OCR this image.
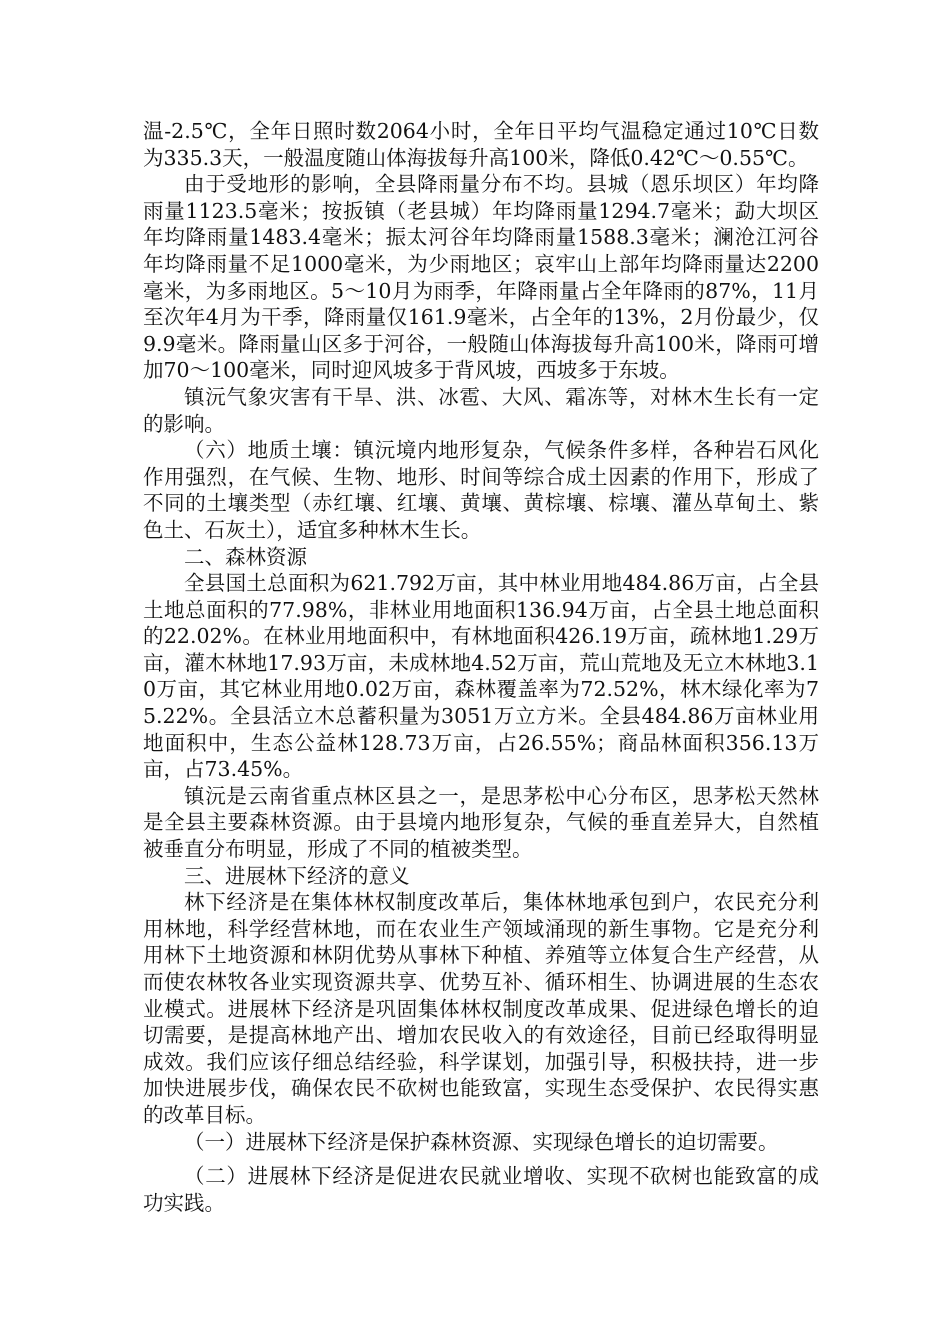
温-2.5℃，全年日照时数2064小时，全年日平均气温稳定通过10℃日数为335.3天，一般温度随山体海拔每升高100米，降低0.42℃～0.55℃。

由于受地形的影响，全县降雨量分布不均。县城（恩乐坝区）年均降雨量1123.5毫米；按扳镇（老县城）年均降雨量1294.7毫米；勐大坝区年均降雨量1483.4毫米；振太河谷年均降雨量1588.3毫米；澜沧江河谷年均降雨量不足1000毫米，为少雨地区；哀牢山上部年均降雨量达2200毫米，为多雨地区。5～10月为雨季，年降雨量占全年降雨的87%，11月至次年4月为干季，降雨量仅161.9毫米，占全年的13%，2月份最少，仅9.9毫米。降雨量山区多于河谷，一般随山体海拔每升高100米，降雨可增加70～100毫米，同时迎风坡多于背风坡，西坡多于东坡。

镇沅气象灾害有干旱、洪、冰雹、大风、霜冻等，对林木生长有一定的影响。

（六）地质土壤：镇沅境内地形复杂，气候条件多样，各种岩石风化作用强烈，在气候、生物、地形、时间等综合成土因素的作用下，形成了不同的土壤类型（赤红壤、红壤、黄壤、黄棕壤、棕壤、灌丛草甸土、紫色土、石灰土），适宜多种林木生长。

二、森林资源

全县国土总面积为621.792万亩，其中林业用地484.86万亩，占全县土地总面积的77.98%，非林业用地面积136.94万亩，占全县土地总面积的22.02%。在林业用地面积中，有林地面积426.19万亩，疏林地1.29万亩，灌木林地17.93万亩，未成林地4.52万亩，荒山荒地及无立木林地3.10万亩，其它林业用地0.02万亩，森林覆盖率为72.52%，林木绿化率为75.22%。全县活立木总蓄积量为3051万立方米。全县484.86万亩林业用地面积中，生态公益林128.73万亩，占26.55%；商品林面积356.13万亩，占73.45%。

镇沅是云南省重点林区县之一，是思茅松中心分布区，思茅松天然林是全县主要森林资源。由于县境内地形复杂，气候的垂直差异大，自然植被垂直分布明显，形成了不同的植被类型。

三、进展林下经济的意义

林下经济是在集体林权制度改革后，集体林地承包到户，农民充分利用林地，科学经营林地，而在农业生产领域涌现的新生事物。它是充分利用林下土地资源和林阴优势从事林下种植、养殖等立体复合生产经营，从而使农林牧各业实现资源共享、优势互补、循环相生、协调进展的生态农业模式。进展林下经济是巩固集体林权制度改革成果、促进绿色增长的迫切需要，是提高林地产出、增加农民收入的有效途径，目前已经取得明显成效。我们应该仔细总结经验，科学谋划，加强引导，积极扶持，进一步加快进展步伐，确保农民不砍树也能致富，实现生态受保护、农民得实惠的改革目标。

（一）进展林下经济是保护森林资源、实现绿色增长的迫切需要。

（二）进展林下经济是促进农民就业增收、实现不砍树也能致富的成功实践。
